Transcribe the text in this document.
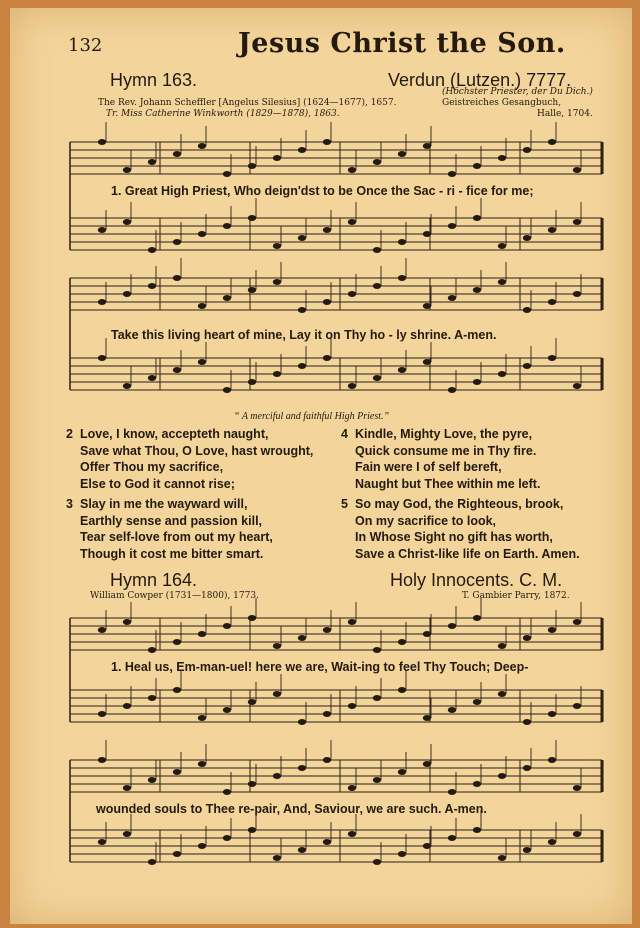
132	Jesus Christ the Son.
Hymn 163.	Verdun (Lutzen.) 7777.
The Rev. Johann Scheffler [Angelus Silesius] (1624—1677), 1657.
Tr. Miss Catherine Winkworth (1829—1878), 1863.
(Höchster Priester, der Du Dich.)
Geistreiches Gesangbuch,
Halle, 1704.
1. Great High Priest, Who deign'dst to be Once the Sac - ri - fice for me;
Take this living heart of mine, Lay it on Thy ho - ly shrine. A-men.
“ A merciful and faithful High Priest.”
2 Love, I know, accepteth naught,
Save what Thou, O Love, hast wrought,
Offer Thou my sacrifice,
Else to God it cannot rise;
3 Slay in me the wayward will,
Earthly sense and passion kill,
Tear self-love from out my heart,
Though it cost me bitter smart.
4 Kindle, Mighty Love, the pyre,
Quick consume me in Thy fire.
Fain were I of self bereft,
Naught but Thee within me left.
5 So may God, the Righteous, brook,
On my sacrifice to look,
In Whose Sight no gift has worth,
Save a Christ-like life on Earth. Amen.
Hymn 164.	Holy Innocents. C. M.
William Cowper (1731—1800), 1773.	T. Gambier Parry, 1872.
1. Heal us, Em-man-uel! here we are, Wait-ing to feel Thy Touch; Deep-
wounded souls to Thee re-pair, And, Saviour, we are such. A-men.
